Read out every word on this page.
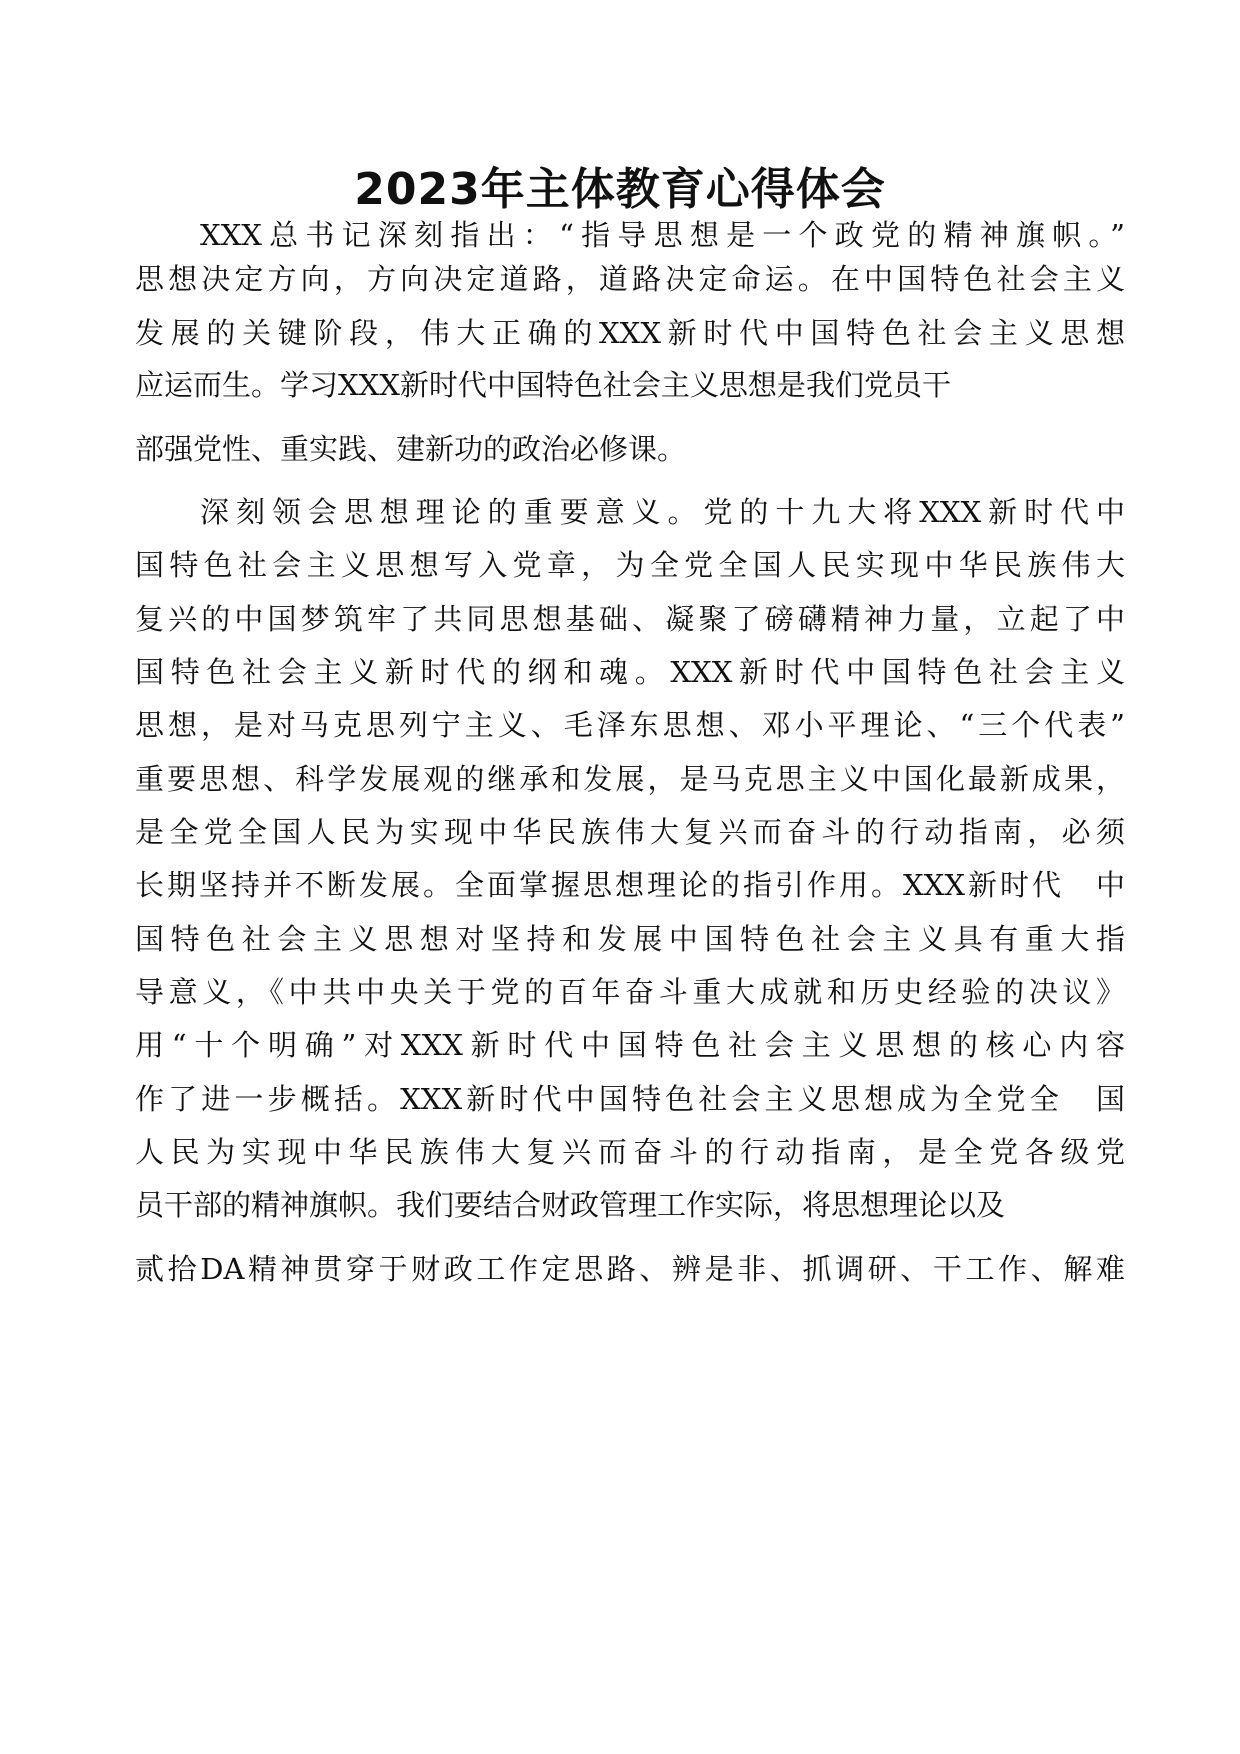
2023年主体教育心得体会
XXX总书记深刻指出：“指导思想是一个政党的精神旗帜。”
思想决定方向，方向决定道路，道路决定命运。在中国特色社会主义
发展的关键阶段，伟大正确的XXX新时代中国特色社会主义思想
应运而生。学习XXX新时代中国特色社会主义思想是我们党员干
部强党性、重实践、建新功的政治必修课。
深刻领会思想理论的重要意义。党的十九大将XXX新时代中
国特色社会主义思想写入党章，为全党全国人民实现中华民族伟大
复兴的中国梦筑牢了共同思想基础、凝聚了磅礴精神力量，立起了中
国特色社会主义新时代的纲和魂。XXX新时代中国特色社会主义
思想，是对马克思列宁主义、毛泽东思想、邓小平理论、“三个代表”
重要思想、科学发展观的继承和发展，是马克思主义中国化最新成果，
是全党全国人民为实现中华民族伟大复兴而奋斗的行动指南，必须
长期坚持并不断发展。全面掌握思想理论的指引作用。XXX新时代　中
国特色社会主义思想对坚持和发展中国特色社会主义具有重大指
导意义，《中共中央关于党的百年奋斗重大成就和历史经验的决议》
用“十个明确”对XXX新时代中国特色社会主义思想的核心内容
作了进一步概括。XXX新时代中国特色社会主义思想成为全党全　国
人民为实现中华民族伟大复兴而奋斗的行动指南，是全党各级党
员干部的精神旗帜。我们要结合财政管理工作实际，将思想理论以及
贰拾DA精神贯穿于财政工作定思路、辨是非、抓调研、干工作、解难
